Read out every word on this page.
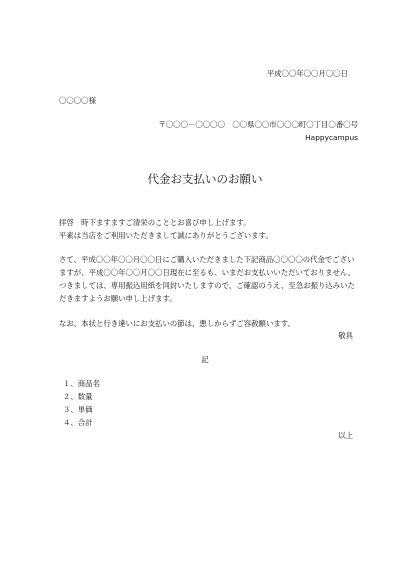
平成〇〇年〇〇月〇〇日
〇〇〇〇様
〒〇〇〇－〇〇〇〇　〇〇県〇〇市〇〇〇町〇丁目〇番〇号
Happycampus
代金お支払いのお願い
拝啓　時下ますますご清栄のこととお喜び申し上げます。
平素は当店をご利用いただきまして誠にありがとうございます。
さて、平成〇〇年〇〇月〇〇日にご購入いただきました下記商品〇〇〇〇の代金でござい
ますが、平成〇〇年〇〇月〇〇日現在に至るも、いまだお支払いいただいておりません。
つきましては、専用振込用紙を同封いたしますので、ご確認のうえ、至急お振り込みいた
だきますようお願い申し上げます。
なお、本状と行き違いにお支払いの節は、悪しからずご容赦願います。
敬具
記
１、商品名
２、数量
３、単価
４、合計
以上
